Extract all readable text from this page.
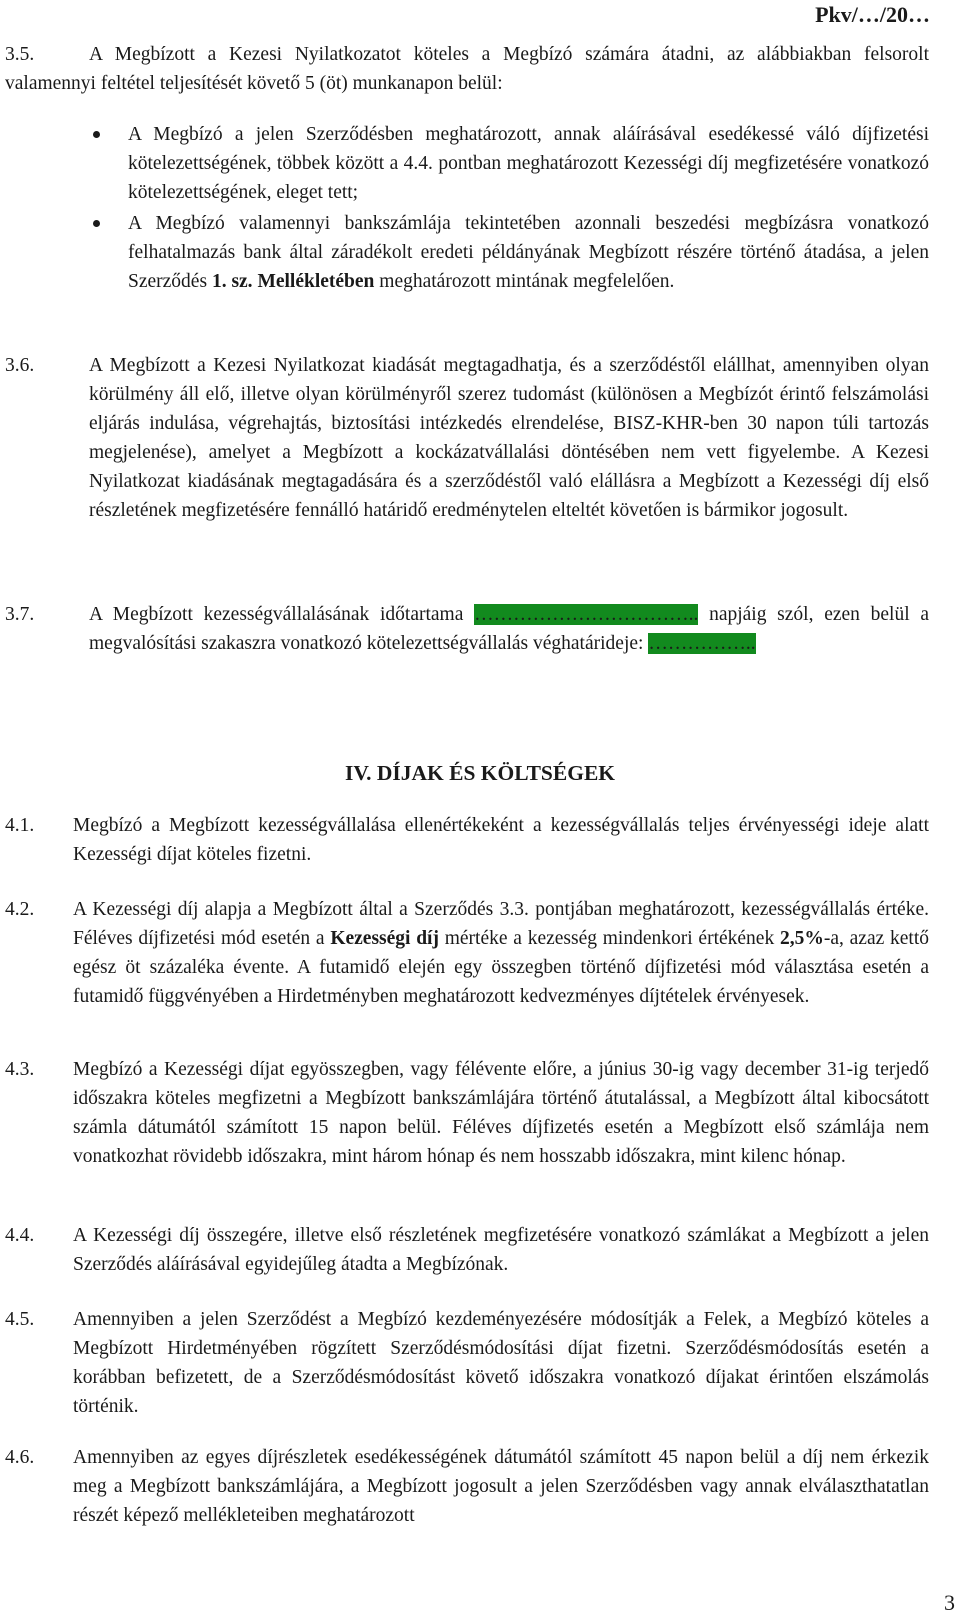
Pkv/…/20…

3.5.	A Megbízott a Kezesi Nyilatkozatot köteles a Megbízó számára átadni, az alábbiakban felsorolt valamennyi feltétel teljesítését követő 5 (öt) munkanapon belül:

A Megbízó a jelen Szerződésben meghatározott, annak aláírásával esedékessé váló díjfizetési kötelezettségének, többek között a 4.4. pontban meghatározott Kezességi díj megfizetésére vonatkozó kötelezettségének, eleget tett;
A Megbízó valamennyi bankszámlája tekintetében azonnali beszedési megbízásra vonatkozó felhatalmazás bank által záradékolt eredeti példányának Megbízott részére történő átadása, a jelen Szerződés 1. sz. Mellékletében meghatározott mintának megfelelően.
3.6.	A Megbízott a Kezesi Nyilatkozat kiadását megtagadhatja, és a szerződéstől elállhat, amennyiben olyan körülmény áll elő, illetve olyan körülményről szerez tudomást (különösen a Megbízót érintő felszámolási eljárás indulása, végrehajtás, biztosítási intézkedés elrendelése, BISZ-KHR-ben 30 napon túli tartozás megjelenése), amelyet a Megbízott a kockázatvállalási döntésében nem vett figyelembe. A Kezesi Nyilatkozat kiadásának megtagadására és a szerződéstől való elállásra a Megbízott a Kezességi díj első részletének megfizetésére fennálló határidő eredménytelen elteltét követően is bármikor jogosult.
3.7.	A Megbízott kezességvállalásának időtartama …………………………….. napjáig szól, ezen belül a megvalósítási szakaszra vonatkozó kötelezettségvállalás véghatárideje: ……………..
IV. DÍJAK ÉS KÖLTSÉGEK
4.1.	Megbízó a Megbízott kezességvállalása ellenértékeként a kezességvállalás teljes érvényességi ideje alatt Kezességi díjat köteles fizetni.
4.2.	A Kezességi díj alapja a Megbízott által a Szerződés 3.3. pontjában meghatározott, kezességvállalás értéke. Féléves díjfizetési mód esetén a Kezességi díj mértéke a kezesség mindenkori értékének 2,5%-a, azaz kettő egész öt százaléka évente. A futamidő elején egy összegben történő díjfizetési mód választása esetén a futamidő függvényében a Hirdetményben meghatározott kedvezményes díjtételek érvényesek.
4.3.	Megbízó a Kezességi díjat egyösszegben, vagy félévente előre, a június 30-ig vagy december 31-ig terjedő időszakra köteles megfizetni a Megbízott bankszámlájára történő átutalással, a Megbízott által kibocsátott számla dátumától számított 15 napon belül. Féléves díjfizetés esetén a Megbízott első számlája nem vonatkozhat rövidebb időszakra, mint három hónap és nem hosszabb időszakra, mint kilenc hónap.
4.4.	A Kezességi díj összegére, illetve első részletének megfizetésére vonatkozó számlákat a Megbízott a jelen Szerződés aláírásával egyidejűleg átadta a Megbízónak.
4.5.	Amennyiben a jelen Szerződést a Megbízó kezdeményezésére módosítják a Felek, a Megbízó köteles a Megbízott Hirdetményében rögzített Szerződésmódosítási díjat fizetni. Szerződésmódosítás esetén a korábban befizetett, de a Szerződésmódosítást követő időszakra vonatkozó díjakat érintően elszámolás történik.
4.6.	Amennyiben az egyes díjrészletek esedékességének dátumától számított 45 napon belül a díj nem érkezik meg a Megbízott bankszámlájára, a Megbízott jogosult a jelen Szerződésben vagy annak elválaszthatatlan részét képező mellékleteiben meghatározott
3
